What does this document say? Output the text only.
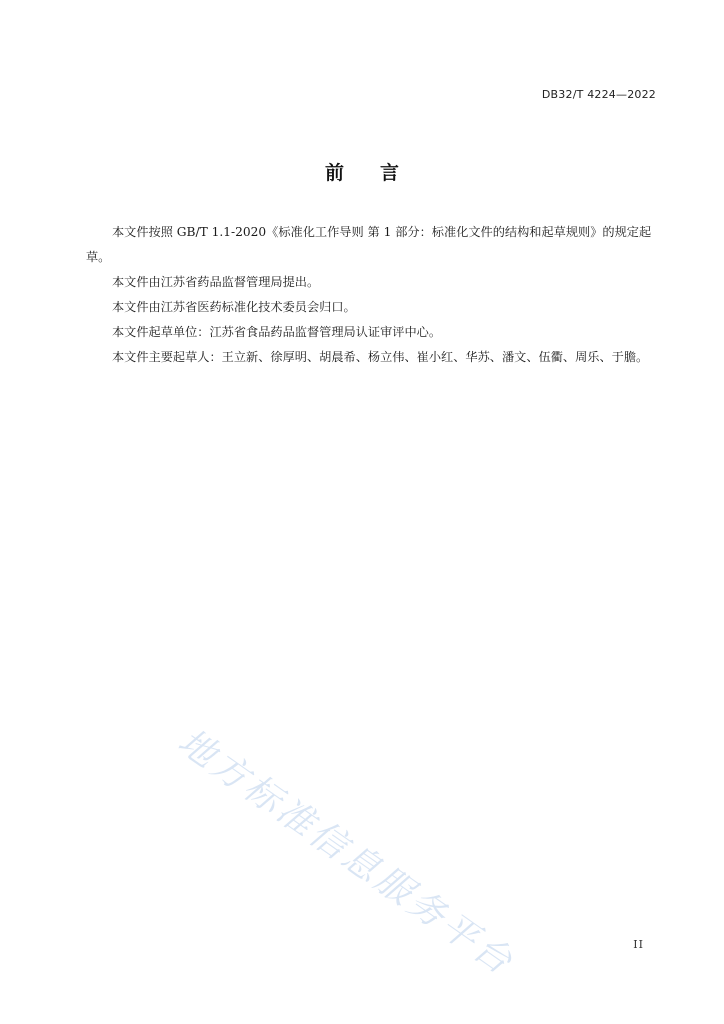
DB32/T 4224—2022
前 言

本文件按照 GB/T 1.1-2020《标准化工作导则 第 1 部分：标准化文件的结构和起草规则》的规定起草。

本文件由江苏省药品监督管理局提出。

本文件由江苏省医药标准化技术委员会归口。

本文件起草单位：江苏省食品药品监督管理局认证审评中心。

本文件主要起草人：王立新、徐厚明、胡晨希、杨立伟、崔小红、华苏、潘文、伍衢、周乐、于膽。

地方标准信息服务平台	II
